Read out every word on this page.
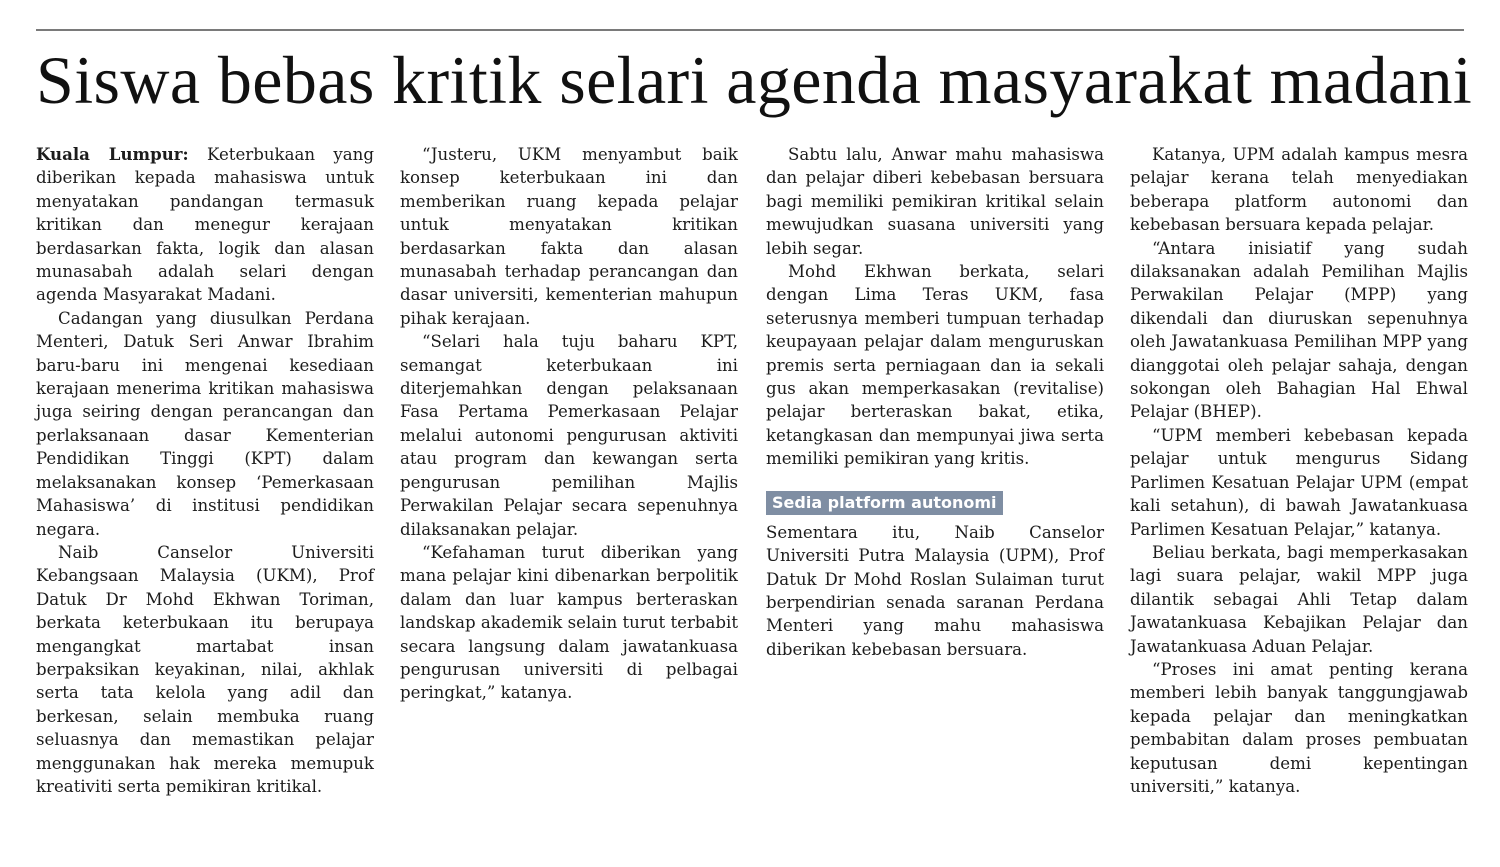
Siswa bebas kritik selari agenda masyarakat madani

Kuala Lumpur: Keterbukaan yang diberikan kepada mahasiswa untuk menyatakan pandangan termasuk kritikan dan menegur kerajaan berdasarkan fakta, logik dan alasan munasabah adalah selari dengan agenda Masyarakat Madani.

Cadangan yang diusulkan Perdana Menteri, Datuk Seri Anwar Ibrahim baru-baru ini mengenai kesediaan kerajaan menerima kritikan mahasiswa juga seiring dengan perancangan dan perlaksanaan dasar Kementerian Pendidikan Tinggi (KPT) dalam melaksanakan konsep ‘Pemerkasaan Mahasiswa’ di institusi pendidikan negara.

Naib Canselor Universiti Kebangsaan Malaysia (UKM), Prof Datuk Dr Mohd Ekhwan Toriman, berkata keterbukaan itu berupaya mengangkat martabat insan berpaksikan keyakinan, nilai, akhlak serta tata kelola yang adil dan berkesan, selain membuka ruang seluasnya dan memastikan pelajar menggunakan hak mereka memupuk kreativiti serta pemikiran kritikal.

“Justeru, UKM menyambut baik konsep keterbukaan ini dan memberikan ruang kepada pelajar untuk menyatakan kritikan berdasarkan fakta dan alasan munasabah terhadap perancangan dan dasar universiti, kementerian mahupun pihak kerajaan.

“Selari hala tuju baharu KPT, semangat keterbukaan ini diterjemahkan dengan pelaksanaan Fasa Pertama Pemerkasaan Pelajar melalui autonomi pengurusan aktiviti atau program dan kewangan serta pengurusan pemilihan Majlis Perwakilan Pelajar secara sepenuhnya dilaksanakan pelajar.

“Kefahaman turut diberikan yang mana pelajar kini dibenarkan berpolitik dalam dan luar kampus berteraskan landskap akademik selain turut terbabit secara langsung dalam jawatankuasa pengurusan universiti di pelbagai peringkat,” katanya.

Sabtu lalu, Anwar mahu mahasiswa dan pelajar diberi kebebasan bersuara bagi memiliki pemikiran kritikal selain mewujudkan suasana universiti yang lebih segar.

Mohd Ekhwan berkata, selari dengan Lima Teras UKM, fasa seterusnya memberi tumpuan terhadap keupayaan pelajar dalam menguruskan premis serta perniagaan dan ia sekali gus akan memperkasakan (revitalise) pelajar berteraskan bakat, etika, ketangkasan dan mempunyai jiwa serta memiliki pemikiran yang kritis.

Sedia platform autonomi

Sementara itu, Naib Canselor Universiti Putra Malaysia (UPM), Prof Datuk Dr Mohd Roslan Sulaiman turut berpendirian senada saranan Perdana Menteri yang mahu mahasiswa diberikan kebebasan bersuara.

Katanya, UPM adalah kampus mesra pelajar kerana telah menyediakan beberapa platform autonomi dan kebebasan bersuara kepada pelajar.

“Antara inisiatif yang sudah dilaksanakan adalah Pemilihan Majlis Perwakilan Pelajar (MPP) yang dikendali dan diuruskan sepenuhnya oleh Jawatankuasa Pemilihan MPP yang dianggotai oleh pelajar sahaja, dengan sokongan oleh Bahagian Hal Ehwal Pelajar (BHEP).

“UPM memberi kebebasan kepada pelajar untuk mengurus Sidang Parlimen Kesatuan Pelajar UPM (empat kali setahun), di bawah Jawatankuasa Parlimen Kesatuan Pelajar,” katanya.

Beliau berkata, bagi memperkasakan lagi suara pelajar, wakil MPP juga dilantik sebagai Ahli Tetap dalam Jawatankuasa Kebajikan Pelajar dan Jawatankuasa Aduan Pelajar.

“Proses ini amat penting kerana memberi lebih banyak tanggungjawab kepada pelajar dan meningkatkan pembabitan dalam proses pembuatan keputusan demi kepentingan universiti,” katanya.
